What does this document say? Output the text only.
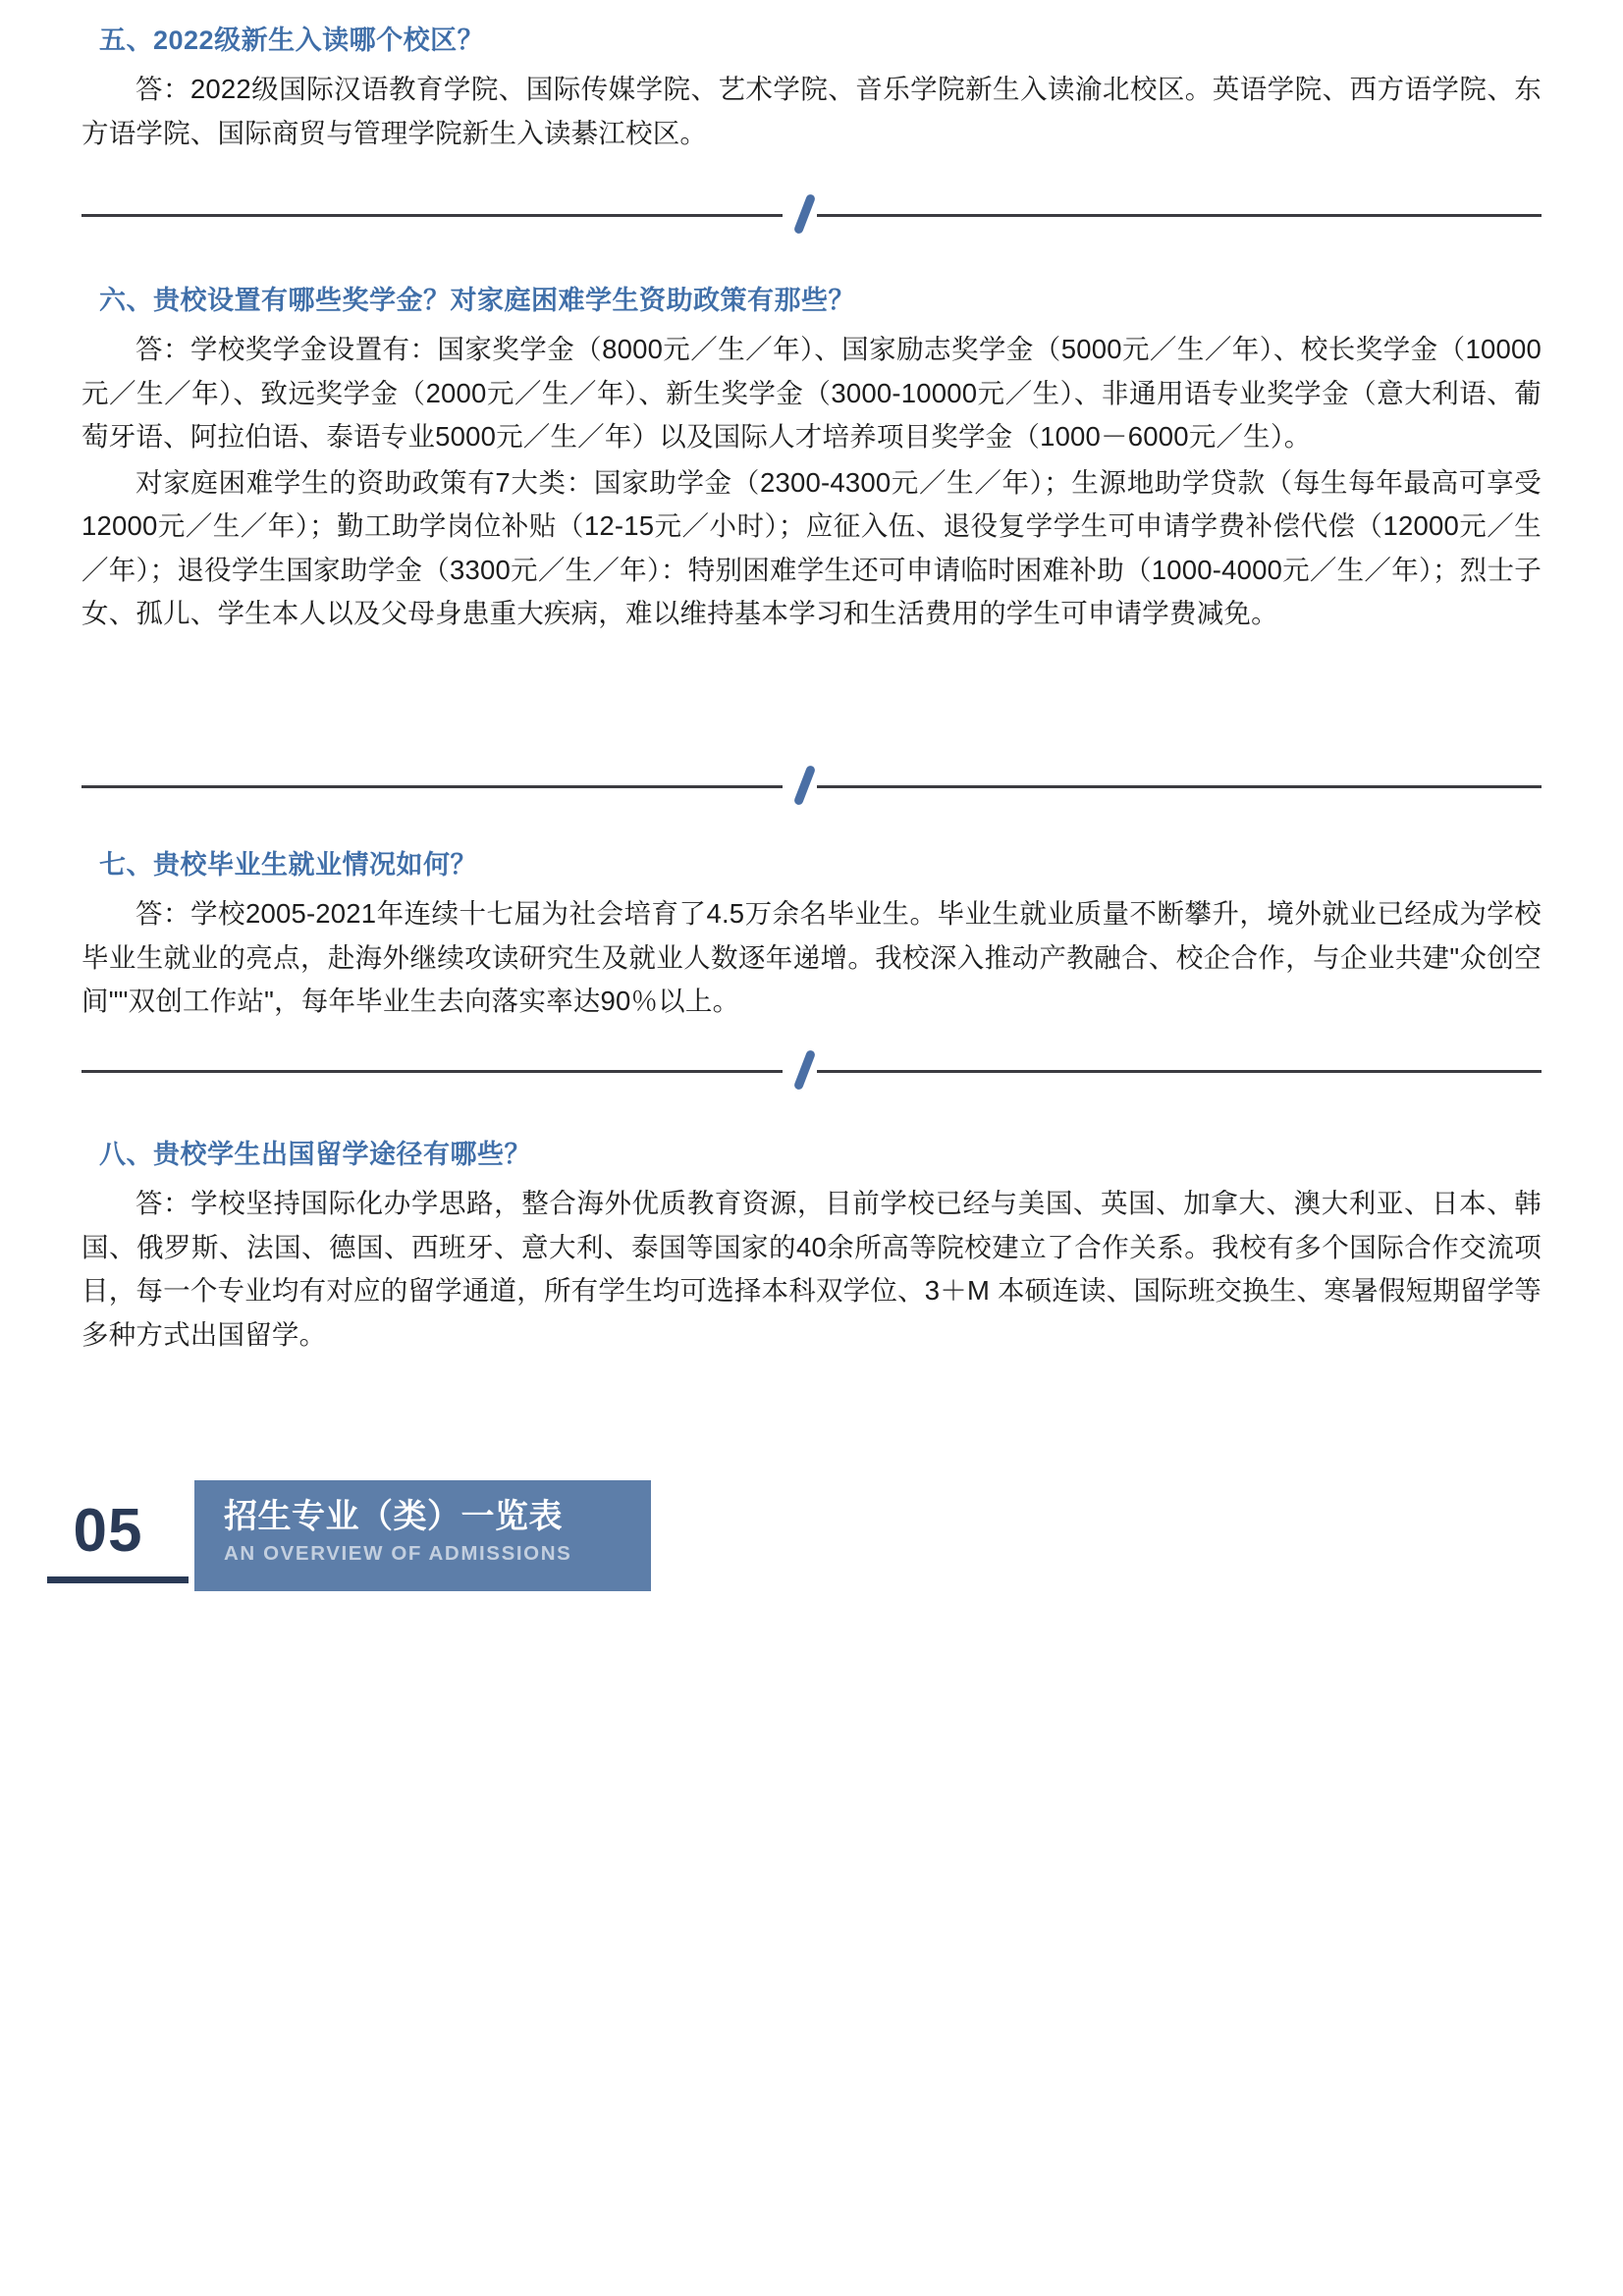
五、2022级新生入读哪个校区？

答：2022级国际汉语教育学院、国际传媒学院、艺术学院、音乐学院新生入读渝北校区。英语学院、西方语学院、东方语学院、国际商贸与管理学院新生入读綦江校区。

六、贵校设置有哪些奖学金？对家庭困难学生资助政策有那些？

答：学校奖学金设置有：国家奖学金（8000元／生／年）、国家励志奖学金（5000元／生／年）、校长奖学金（10000元／生／年）、致远奖学金（2000元／生／年）、新生奖学金（3000-10000元／生）、非通用语专业奖学金（意大利语、葡萄牙语、阿拉伯语、泰语专业5000元／生／年）以及国际人才培养项目奖学金（1000－6000元／生）。

对家庭困难学生的资助政策有7大类：国家助学金（2300-4300元／生／年）；生源地助学贷款（每生每年最高可享受12000元／生／年）；勤工助学岗位补贴（12-15元／小时）；应征入伍、退役复学学生可申请学费补偿代偿（12000元／生／年）；退役学生国家助学金（3300元／生／年）：特别困难学生还可申请临时困难补助（1000-4000元／生／年）；烈士子女、孤儿、学生本人以及父母身患重大疾病，难以维持基本学习和生活费用的学生可申请学费减免。

七、贵校毕业生就业情况如何？

答：学校2005-2021年连续十七届为社会培育了4.5万余名毕业生。毕业生就业质量不断攀升，境外就业已经成为学校毕业生就业的亮点，赴海外继续攻读研究生及就业人数逐年递增。我校深入推动产教融合、校企合作，与企业共建"众创空间""双创工作站"，每年毕业生去向落实率达90％以上。

八、贵校学生出国留学途径有哪些？

答：学校坚持国际化办学思路，整合海外优质教育资源，目前学校已经与美国、英国、加拿大、澳大利亚、日本、韩国、俄罗斯、法国、德国、西班牙、意大利、泰国等国家的40余所高等院校建立了合作关系。我校有多个国际合作交流项目，每一个专业均有对应的留学通道，所有学生均可选择本科双学位、3＋M 本硕连读、国际班交换生、寒暑假短期留学等多种方式出国留学。

05 招生专业（类）一览表
AN OVERVIEW OF ADMISSIONS
